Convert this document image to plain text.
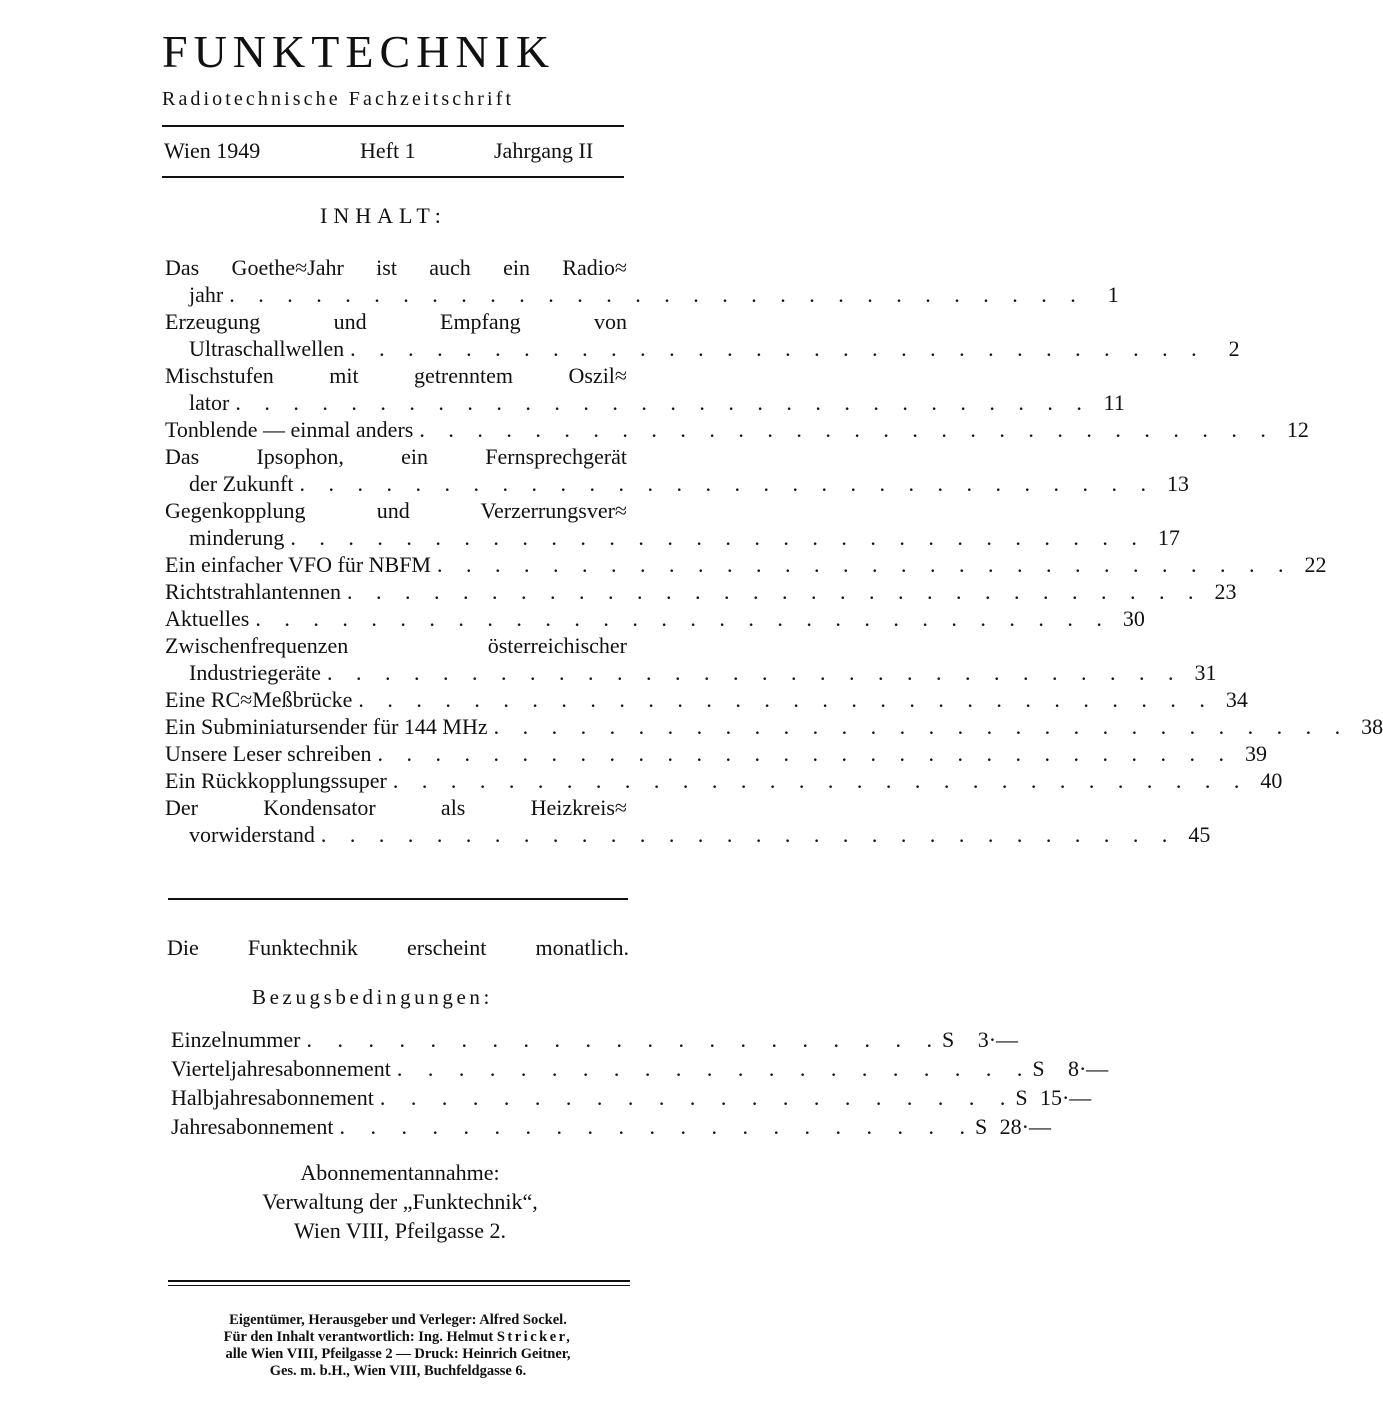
FUNKTECHNIK
Radiotechnische Fachzeitschrift
Wien 1949	Heft 1	Jahrgang II
INHALT:
Das Goethe≈Jahr ist auch ein Radio≈
jahr . . . . . . . . . . . . . . . . . . . . . . . . . . . . . .	1
Erzeugung und Empfang von
Ultraschallwellen . . . . . . . . . . . . . . . . . . . . . . . . . . . . . .	2
Mischstufen mit getrenntem Oszil≈
lator . . . . . . . . . . . . . . . . . . . . . . . . . . . . . . 11
Tonblende — einmal anders . . . . . . . . . . . . . . . . . . . . . . . . . . . . . . 12
Das Ipsophon, ein Fernsprechgerät
der Zukunft . . . . . . . . . . . . . . . . . . . . . . . . . . . . . . 13
Gegenkopplung und Verzerrungsver≈
minderung . . . . . . . . . . . . . . . . . . . . . . . . . . . . . . 17
Ein einfacher VFO für NBFM . . . . . . . . . . . . . . . . . . . . . . . . . . . . . . 22
Richtstrahlantennen . . . . . . . . . . . . . . . . . . . . . . . . . . . . . . 23
Aktuelles . . . . . . . . . . . . . . . . . . . . . . . . . . . . . . 30
Zwischenfrequenzen österreichischer
Industriegeräte . . . . . . . . . . . . . . . . . . . . . . . . . . . . . . 31
Eine RC≈Meßbrücke . . . . . . . . . . . . . . . . . . . . . . . . . . . . . . 34
Ein Subminiatursender für 144 MHz . . . . . . . . . . . . . . . . . . . . . . . . . . . . . . 38
Unsere Leser schreiben . . . . . . . . . . . . . . . . . . . . . . . . . . . . . . 39
Ein Rückkopplungssuper . . . . . . . . . . . . . . . . . . . . . . . . . . . . . . 40
Der Kondensator als Heizkreis≈
vorwiderstand . . . . . . . . . . . . . . . . . . . . . . . . . . . . . . 45
Die Funktechnik erscheint monatlich.
Bezugsbedingungen:
Einzelnummer . . . . . . . . . . . . . . . . . . . . . S	3·—
Vierteljahresabonnement . . . . . . . . . . . . . . . . . . . . . S	8·—
Halbjahresabonnement . . . . . . . . . . . . . . . . . . . . . S 15·—
Jahresabonnement . . . . . . . . . . . . . . . . . . . . . S 28·—
Abonnementannahme:
Verwaltung der „Funktechnik“,
Wien VIII, Pfeilgasse 2.
Eigentümer, Herausgeber und Verleger: Alfred Sockel.
Für den Inhalt verantwortlich: Ing. Helmut Stricker,
alle Wien VIII, Pfeilgasse 2 — Druck: Heinrich Geitner,
Ges. m. b.H., Wien VIII, Buchfeldgasse 6.
